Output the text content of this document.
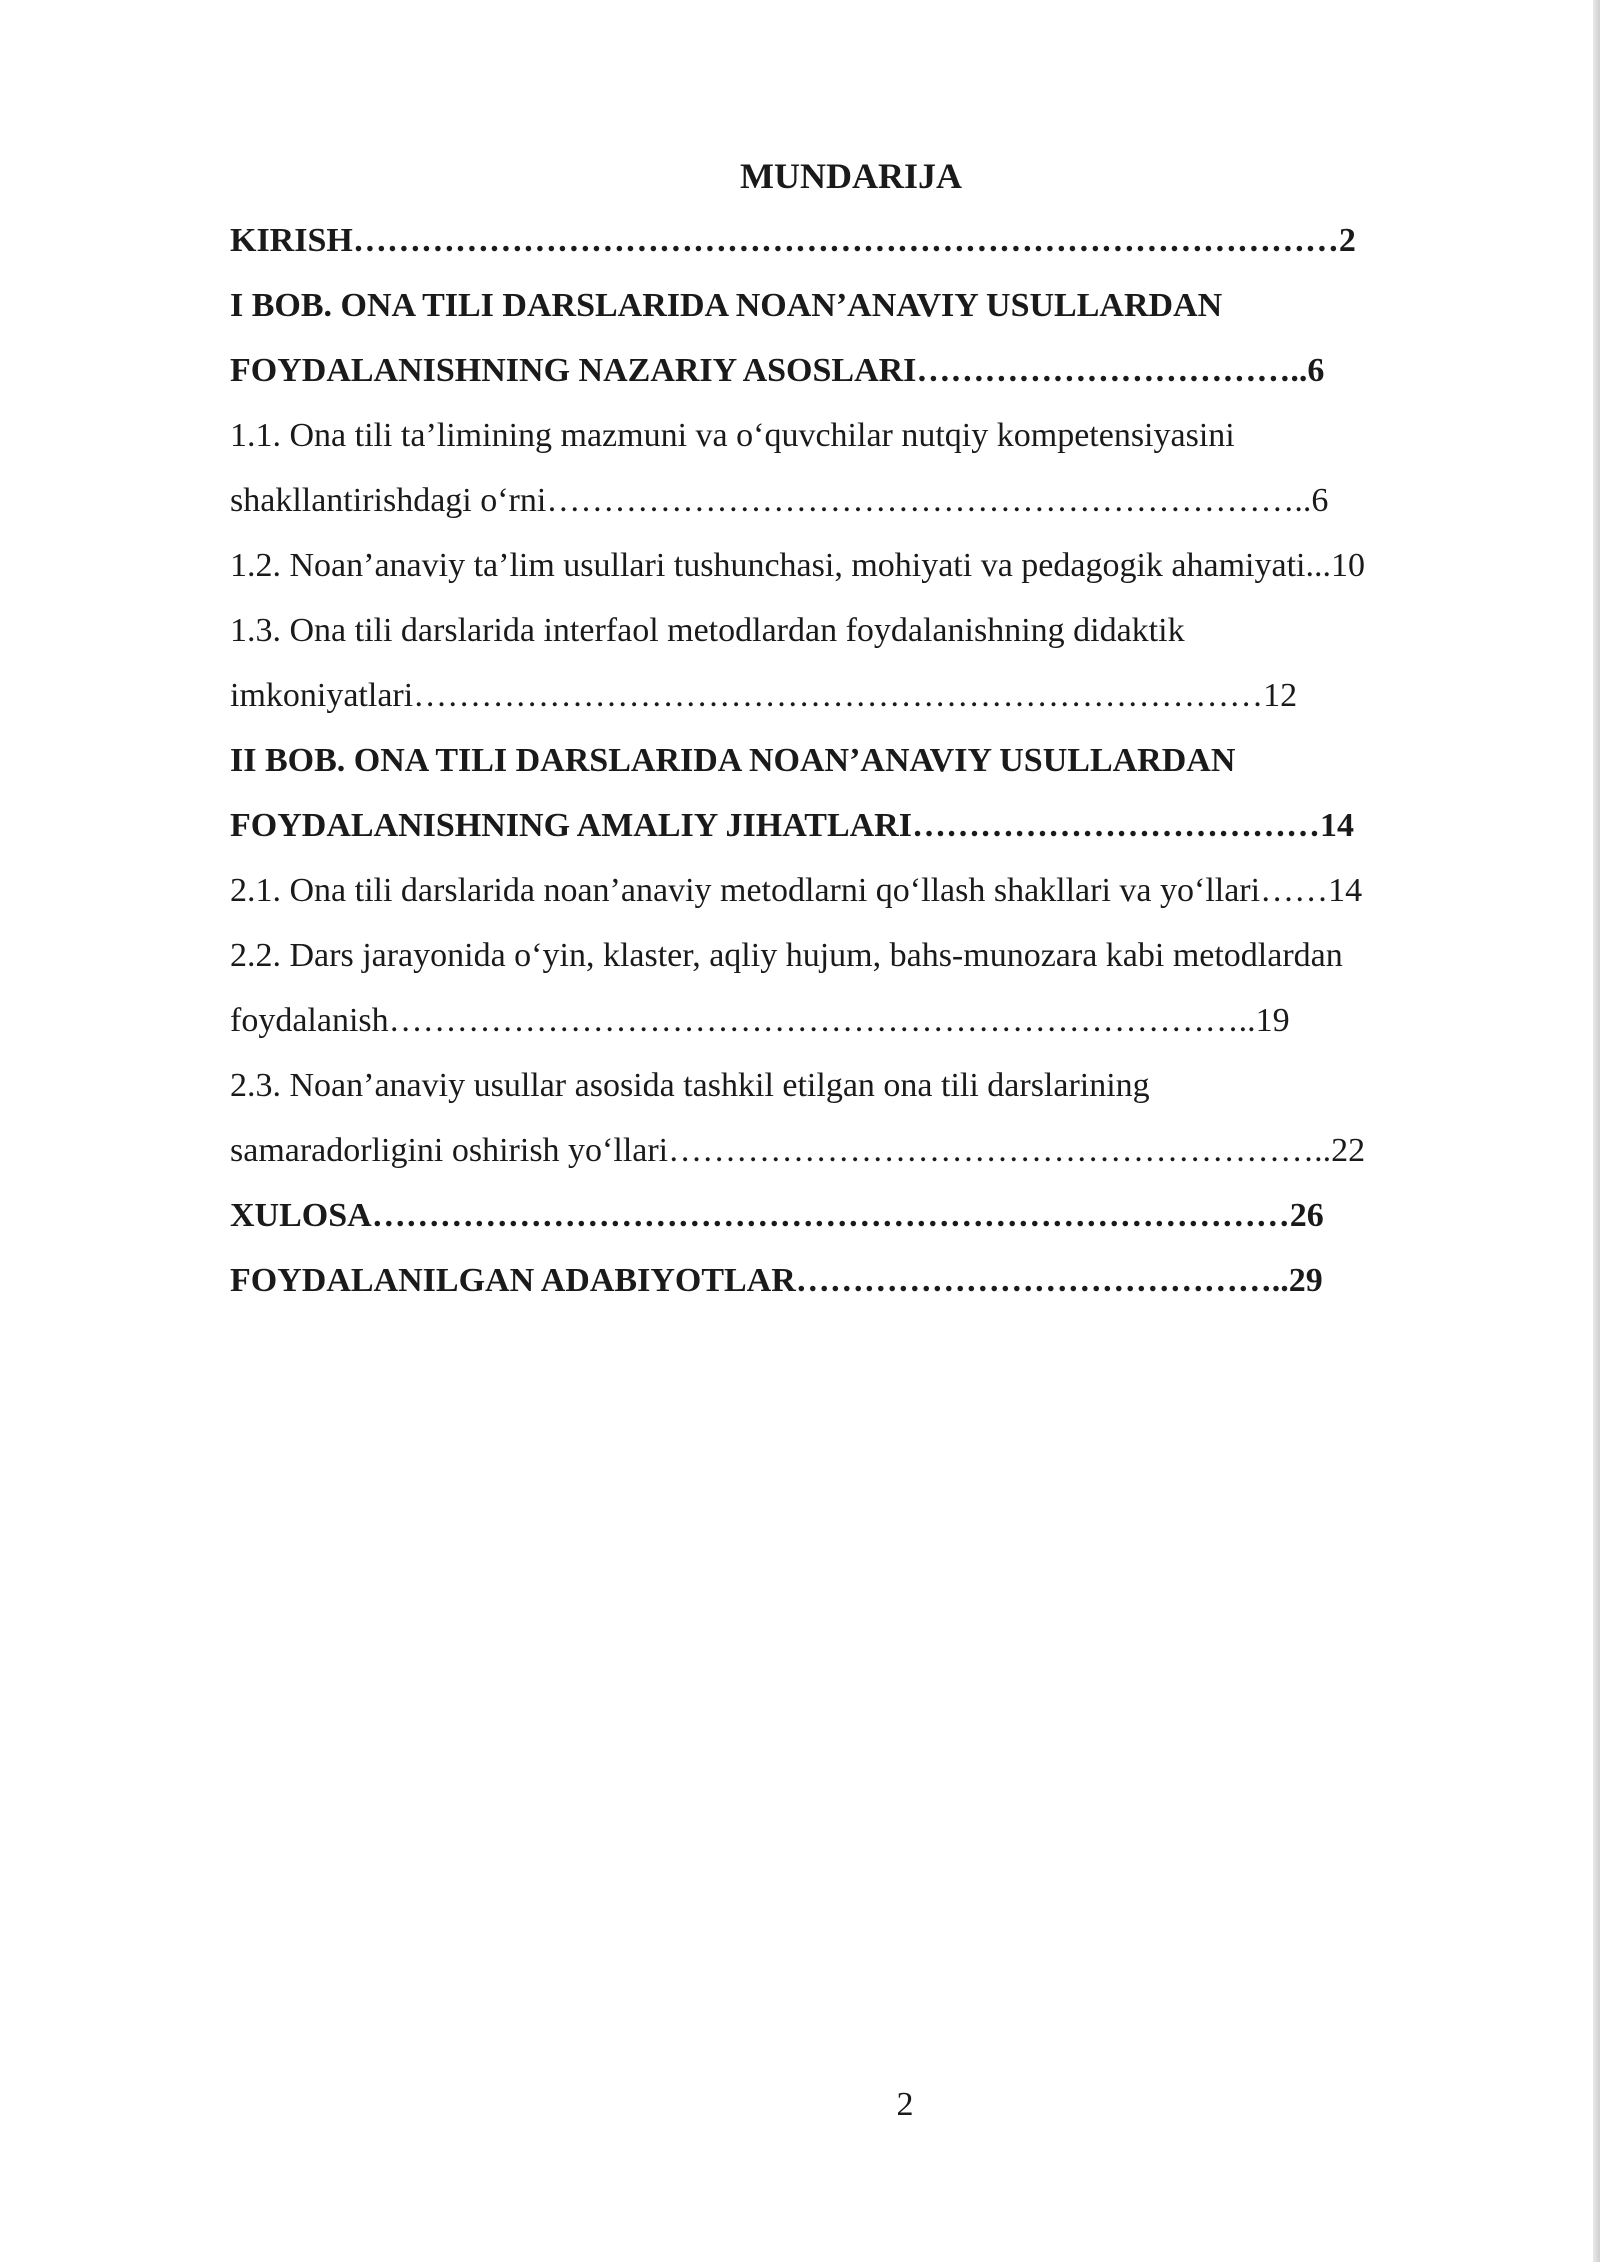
MUNDARIJA
KIRISH……………………………………………………………………………2
I BOB. ONA TILI DARSLARIDA NOAN’ANAVIY USULLARDAN
FOYDALANISHNING NAZARIY ASOSLARI……………………………..6
1.1. Ona tili ta’limining mazmuni va o‘quvchilar nutqiy kompetensiyasini
shakllantirishdagi o‘rni…………………………………………………………..6
1.2. Noan’anaviy ta’lim usullari tushunchasi, mohiyati va pedagogik ahamiyati...10
1.3. Ona tili darslarida interfaol metodlardan foydalanishning didaktik
imkoniyatlari…………………………………………………………………12
II BOB. ONA TILI DARSLARIDA NOAN’ANAVIY USULLARDAN
FOYDALANISHNING AMALIY JIHATLARI………………………………14
2.1. Ona tili darslarida noan’anaviy metodlarni qo‘llash shakllari va yo‘llari……14
2.2. Dars jarayonida o‘yin, klaster, aqliy hujum, bahs-munozara kabi metodlardan
foydalanish…………………………………………………………………..19
2.3. Noan’anaviy usullar asosida tashkil etilgan ona tili darslarining
samaradorligini oshirish yo‘llari…………………………………………………..22
XULOSA………………………………………………………………………26
FOYDALANILGAN ADABIYOTLAR……………………………………..29
2
